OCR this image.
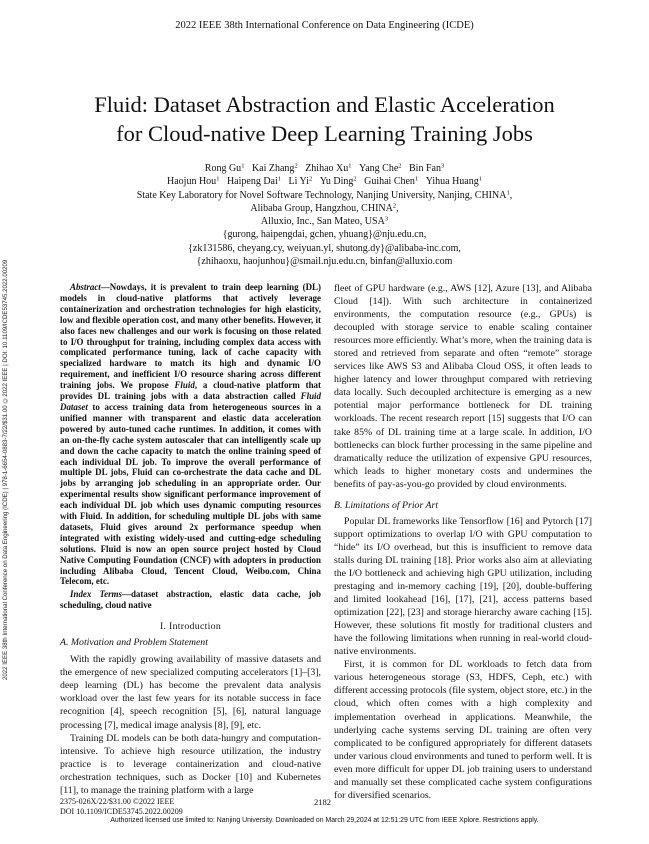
2022 IEEE 38th International Conference on Data Engineering (ICDE)
Fluid: Dataset Abstraction and Elastic Acceleration
for Cloud-native Deep Learning Training Jobs
Rong Gu$^1$ Kai Zhang$^2$ Zhihao Xu$^1$ Yang Che$^2$ Bin Fan$^3$
Haojun Hou$^1$ Haipeng Dai$^1$ Li Yi$^2$ Yu Ding$^2$ Guihai Chen$^1$ Yihua Huang$^1$
State Key Laboratory for Novel Software Technology, Nanjing University, Nanjing, CHINA$^1$,
Alibaba Group, Hangzhou, CHINA$^2$,
Alluxio, Inc., San Mateo, USA$^3$
{gurong, haipengdai, gchen, yhuang}@nju.edu.cn,
{zk131586, cheyang.cy, weiyuan.yl, shutong.dy}@alibaba-inc.com,
{zhihaoxu, haojunhou}@smail.nju.edu.cn, binfan@alluxio.com
2022 IEEE 38th International Conference on Data Engineering (ICDE) | 978-1-6654-0883-7/22/$31.00 ©2022 IEEE | DOI: 10.1109/ICDE53745.2022.00209	Abstract—Nowdays, it is prevalent to train deep learning (DL) models in cloud-native platforms that actively leverage containerization and orchestration technologies for high elasticity, low and flexible operation cost, and many other benefits. However, it also faces new challenges and our work is focusing on those related to I/O throughput for training, including complex data access with complicated performance tuning, lack of cache capacity with specialized hardware to match its high and dynamic I/O requirement, and inefficient I/O resource sharing across different training jobs. We propose Fluid, a cloud-native platform that provides DL training jobs with a data abstraction called Fluid Dataset to access training data from heterogeneous sources in a unified manner with transparent and elastic data acceleration powered by auto-tuned cache runtimes. In addition, it comes with an on-the-fly cache system autoscaler that can intelligently scale up and down the cache capacity to match the online training speed of each individual DL job. To improve the overall performance of multiple DL jobs, Fluid can co-orchestrate the data cache and DL jobs by arranging job scheduling in an appropriate order. Our experimental results show significant performance improvement of each individual DL job which uses dynamic computing resources with Fluid. In addition, for scheduling multiple DL jobs with same datasets, Fluid gives around 2x performance speedup when integrated with existing widely-used and cutting-edge scheduling solutions. Fluid is now an open source project hosted by Cloud Native Computing Foundation (CNCF) with adopters in production including Alibaba Cloud, Tencent Cloud, Weibo.com, China Telecom, etc.

Index Terms—dataset abstraction, elastic data cache, job scheduling, cloud native

I. Introduction
A. Motivation and Problem Statement

With the rapidly growing availability of massive datasets and the emergence of new specialized computing accelerators [1]–[3], deep learning (DL) has become the prevalent data analysis workload over the last few years for its notable success in face recognition [4], speech recognition [5], [6], natural language processing [7], medical image analysis [8], [9], etc.

Training DL models can be both data-hungry and computation-intensive. To achieve high resource utilization, the industry practice is to leverage containerization and cloud-native orchestration techniques, such as Docker [10] and Kubernetes [11], to manage the training platform with a large

fleet of GPU hardware (e.g., AWS [12], Azure [13], and Alibaba Cloud [14]). With such architecture in containerized environments, the computation resource (e.g., GPUs) is decoupled with storage service to enable scaling container resources more efficiently. What’s more, when the training data is stored and retrieved from separate and often “remote” storage services like AWS S3 and Alibaba Cloud OSS, it often leads to higher latency and lower throughput compared with retrieving data locally. Such decoupled architecture is emerging as a new potential major performance bottleneck for DL training workloads. The recent research report [15] suggests that I/O can take 85% of DL training time at a large scale. In addition, I/O bottlenecks can block further processing in the same pipeline and dramatically reduce the utilization of expensive GPU resources, which leads to higher monetary costs and undermines the benefits of pay-as-you-go provided by cloud environments.

B. Limitations of Prior Art

Popular DL frameworks like Tensorflow [16] and Pytorch [17] support optimizations to overlap I/O with GPU computation to “hide” its I/O overhead, but this is insufficient to remove data stalls during DL training [18]. Prior works also aim at alleviating the I/O bottleneck and achieving high GPU utilization, including prestaging and in-memory caching [19], [20], double-buffering and limited lookahead [16], [17], [21], access patterns based optimization [22], [23] and storage hierarchy aware caching [15]. However, these solutions fit mostly for traditional clusters and have the following limitations when running in real-world cloud-native environments.

First, it is common for DL workloads to fetch data from various heterogeneous storage (S3, HDFS, Ceph, etc.) with different accessing protocols (file system, object store, etc.) in the cloud, which often comes with a high complexity and implementation overhead in applications. Meanwhile, the underlying cache systems serving DL training are often very complicated to be configured appropriately for different datasets under various cloud environments and tuned to perform well. It is even more difficult for upper DL job training users to understand and manually set these complicated cache system configurations for diversified scenarios.

2375-026X/22/$31.00 ©2022 IEEE
DOI 10.1109/ICDE53745.2022.00209
2182
Authorized licensed use limited to: Nanjing University. Downloaded on March 29,2024 at 12:51:29 UTC from IEEE Xplore. Restrictions apply.
